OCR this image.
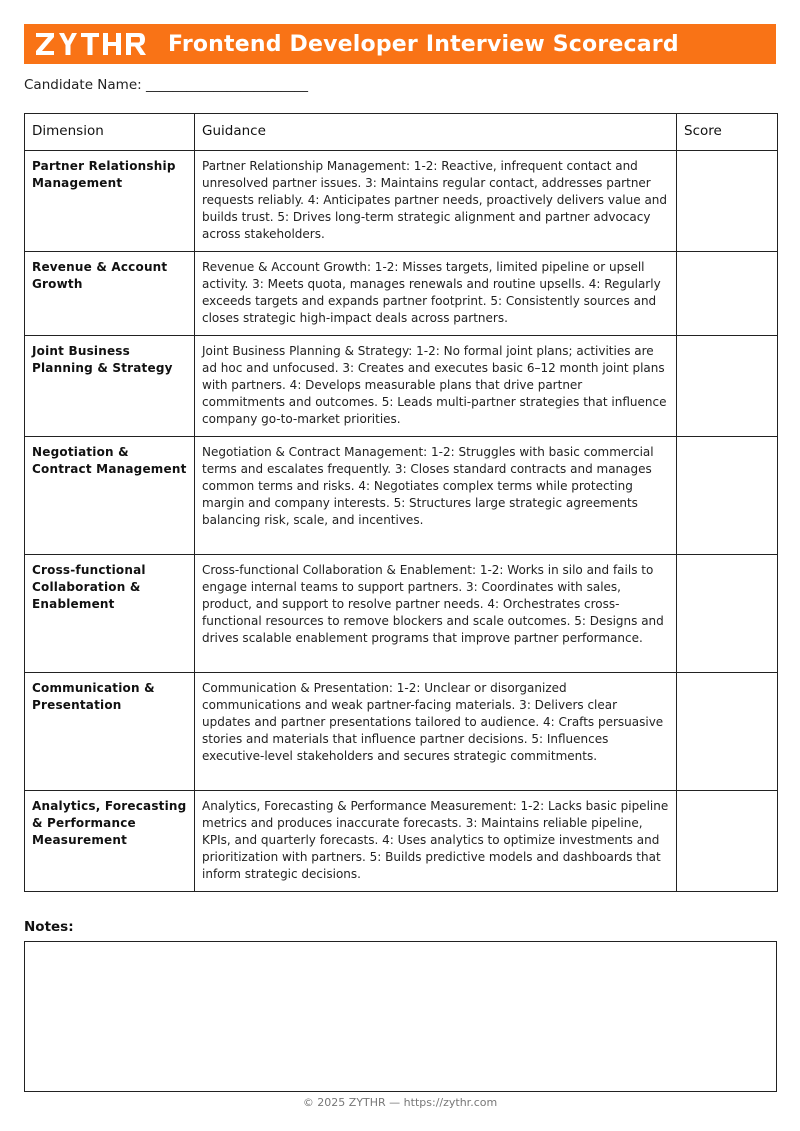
Frontend Developer Interview Scorecard
Candidate Name: ________________________
Dimension	Guidance	Score
Partner Relationship Management	Partner Relationship Management: 1-2: Reactive, infrequent contact and unresolved partner issues. 3: Maintains regular contact, addresses partner requests reliably. 4: Anticipates partner needs, proactively delivers value and builds trust. 5: Drives long-term strategic alignment and partner advocacy across stakeholders.	
Revenue & Account Growth	Revenue & Account Growth: 1-2: Misses targets, limited pipeline or upsell activity. 3: Meets quota, manages renewals and routine upsells. 4: Regularly exceeds targets and expands partner footprint. 5: Consistently sources and closes strategic high-impact deals across partners.	
Joint Business Planning & Strategy	Joint Business Planning & Strategy: 1-2: No formal joint plans; activities are ad hoc and unfocused. 3: Creates and executes basic 6–12 month joint plans with partners. 4: Develops measurable plans that drive partner commitments and outcomes. 5: Leads multi-partner strategies that influence company go-to-market priorities.	
Negotiation & Contract Management	Negotiation & Contract Management: 1-2: Struggles with basic commercial terms and escalates frequently. 3: Closes standard contracts and manages common terms and risks. 4: Negotiates complex terms while protecting margin and company interests. 5: Structures large strategic agreements balancing risk, scale, and incentives.	
Cross-functional Collaboration & Enablement	Cross-functional Collaboration & Enablement: 1-2: Works in silo and fails to engage internal teams to support partners. 3: Coordinates with sales, product, and support to resolve partner needs. 4: Orchestrates cross-functional resources to remove blockers and scale outcomes. 5: Designs and drives scalable enablement programs that improve partner performance.	
Communication & Presentation	Communication & Presentation: 1-2: Unclear or disorganized communications and weak partner-facing materials. 3: Delivers clear updates and partner presentations tailored to audience. 4: Crafts persuasive stories and materials that influence partner decisions. 5: Influences executive-level stakeholders and secures strategic commitments.	
Analytics, Forecasting & Performance Measurement	Analytics, Forecasting & Performance Measurement: 1-2: Lacks basic pipeline metrics and produces inaccurate forecasts. 3: Maintains reliable pipeline, KPIs, and quarterly forecasts. 4: Uses analytics to optimize investments and prioritization with partners. 5: Builds predictive models and dashboards that inform strategic decisions.	
Notes:
© 2025 ZYTHR — https://zythr.com
